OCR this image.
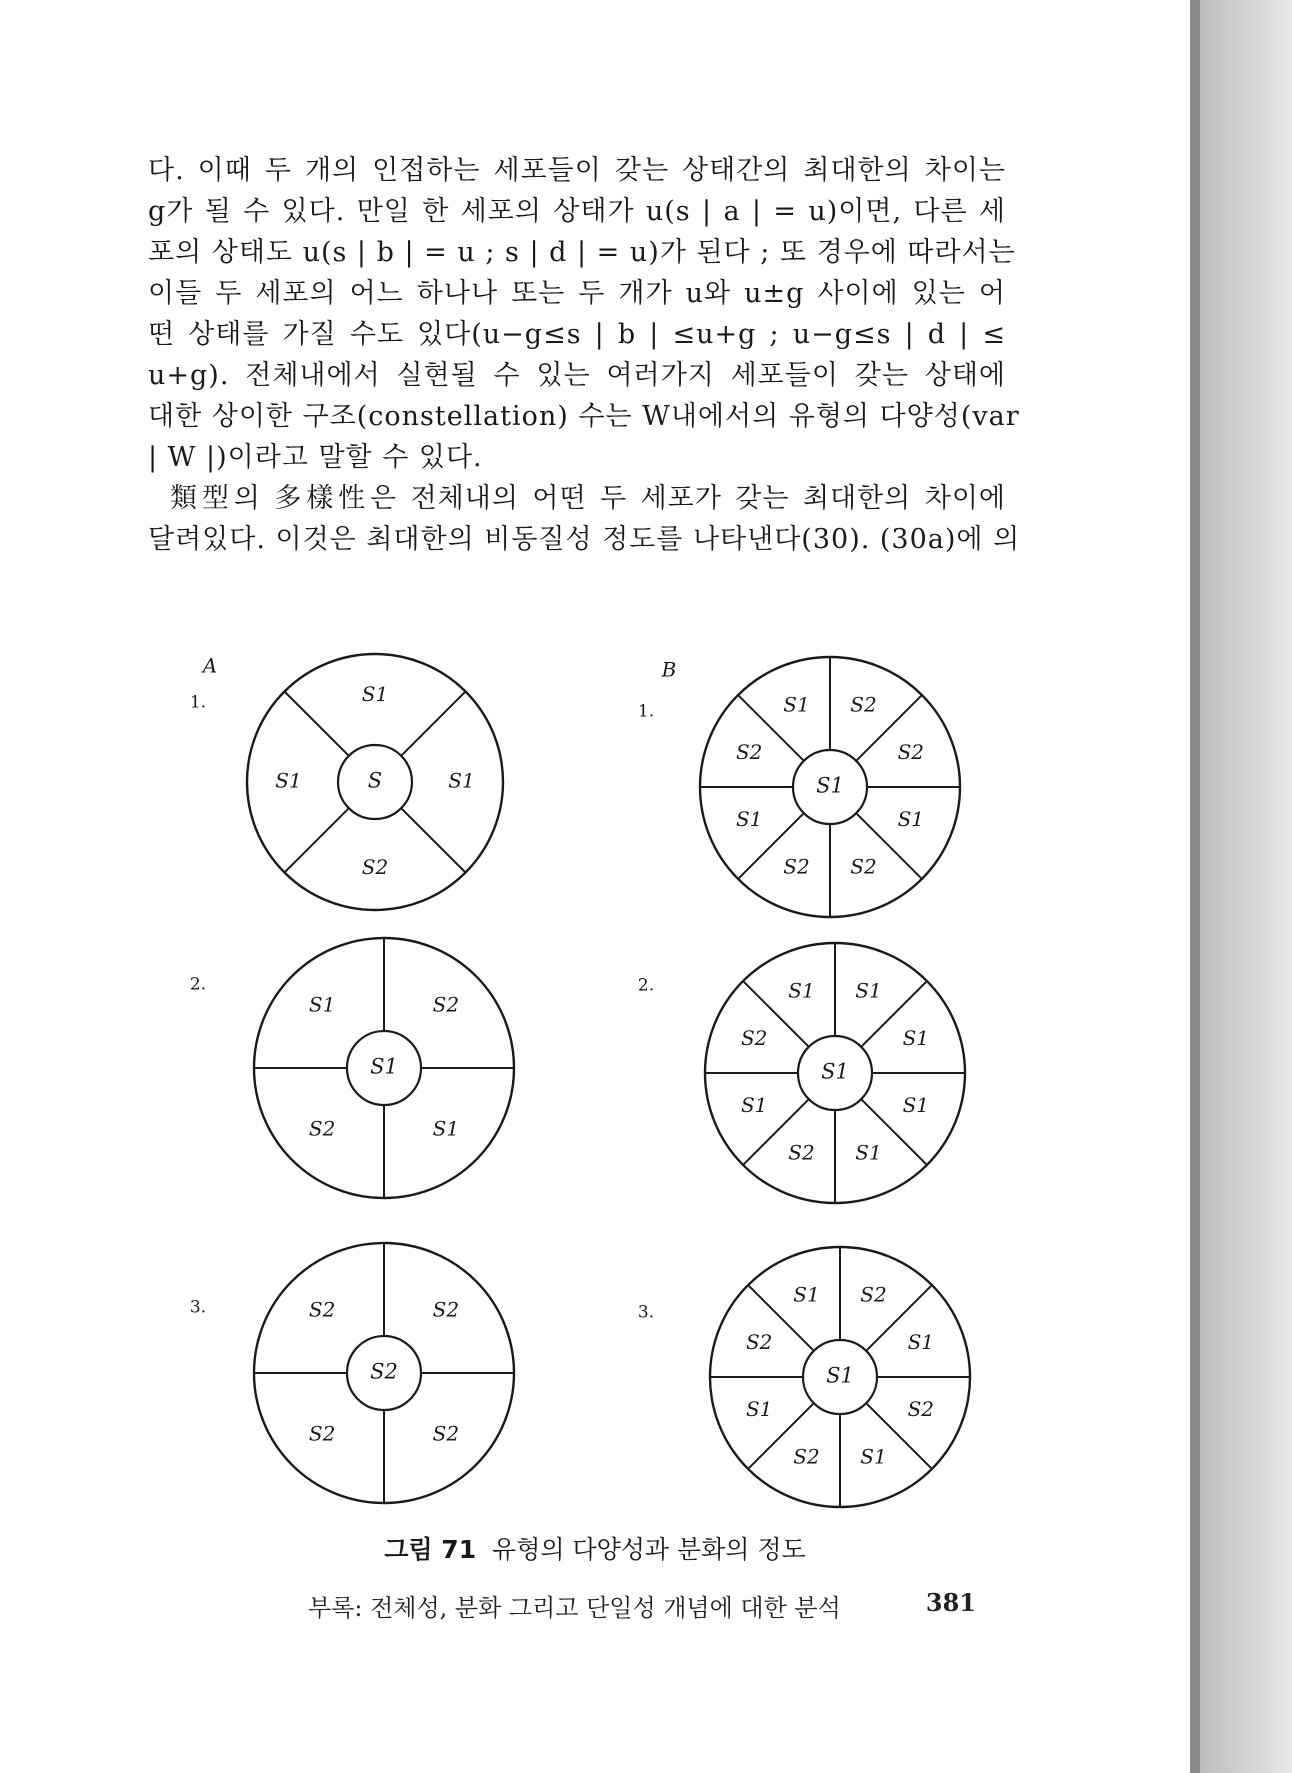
다. 이때 두 개의 인접하는 세포들이 갖는 상태간의 최대한의 차이는
g가 될 수 있다. 만일 한 세포의 상태가 u(s | a | = u)이면, 다른 세
포의 상태도 u(s | b | = u ; s | d | = u)가 된다 ; 또 경우에 따라서는
이들 두 세포의 어느 하나나 또는 두 개가 u와 u±g 사이에 있는 어
떤 상태를 가질 수도 있다(u−g≤s | b | ≤u+g ; u−g≤s | d | ≤
u+g). 전체내에서 실현될 수 있는 여러가지 세포들이 갖는 상태에
대한 상이한 구조(constellation) 수는 W내에서의 유형의 다양성(var
| W |)이라고 말할 수 있다.
類型의 多樣性은 전체내의 어떤 두 세포가 갖는 최대한의 차이에
달려있다. 이것은 최대한의 비동질성 정도를 나타낸다(30). (30a)에 의
S1
S1
S2
S1	S
S1 S2
S2
S1
S2
S2
S1
S2
S1
S1	S2
S1
S2
S1
S1 S1
S1
S1
S1
S2
S1
S2
S1
S2	S2
S2
S2
S2
S1 S2
S1
S2
S1
S2
S1
S2
S1
A	B
1.	1.
2.	2.
3.	3.
그림 71 유형의 다양성과 분화의 정도
부록: 전체성, 분화 그리고 단일성 개념에 대한 분석	381
